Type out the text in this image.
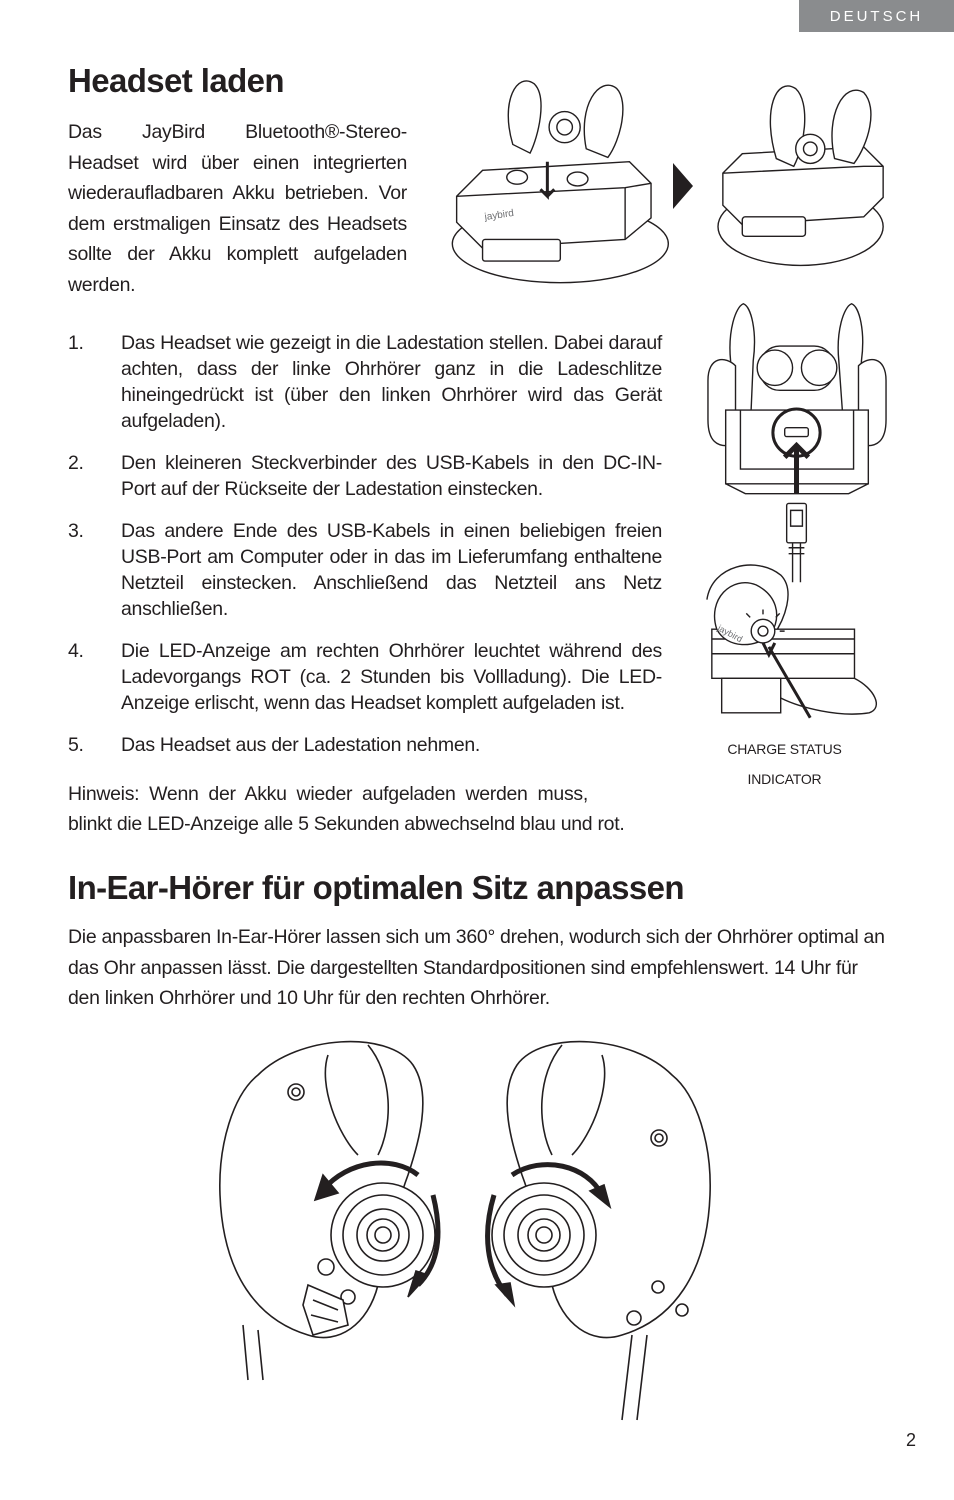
DEUTSCH
Headset laden

Das JayBird Bluetooth®-Stereo-Headset wird über einen integrierten wiederaufladbaren Akku betrieben. Vor dem erstmaligen Einsatz des Headsets sollte der Akku komplett aufgeladen werden.

jaybird
1. Das Headset wie gezeigt in die Ladestation stellen. Dabei darauf achten, dass der linke Ohrhörer ganz in die Ladeschlitze hineingedrückt ist (über den linken Ohrhörer wird das Gerät aufgeladen).
2. Den kleineren Steckverbinder des USB-Kabels in den DC-IN-Port auf der Rückseite der Ladestation einstecken.
3. Das andere Ende des USB-Kabels in einen beliebigen freien USB-Port am Computer oder in das im Lieferumfang enthaltene Netzteil einstecken. Anschließend das Netzteil ans Netz anschließen.
4. Die LED-Anzeige am rechten Ohrhörer leuchtet während des Ladevorgangs ROT (ca. 2 Stunden bis Vollladung). Die LED-Anzeige erlischt, wenn das Headset komplett aufgeladen ist.
5. Das Headset aus der Ladestation nehmen.
jaybird
CHARGE STATUS
INDICATOR

Hinweis: Wenn der Akku wieder aufgeladen werden muss,

blinkt die LED-Anzeige alle 5 Sekunden abwechselnd blau und rot.

In-Ear-Hörer für optimalen Sitz anpassen

Die anpassbaren In-Ear-Hörer lassen sich um 360° drehen, wodurch sich der Ohrhörer optimal an das Ohr anpassen lässt. Die dargestellten Standardpositionen sind empfehlenswert. 14 Uhr für den linken Ohrhörer und 10 Uhr für den rechten Ohrhörer.

2
